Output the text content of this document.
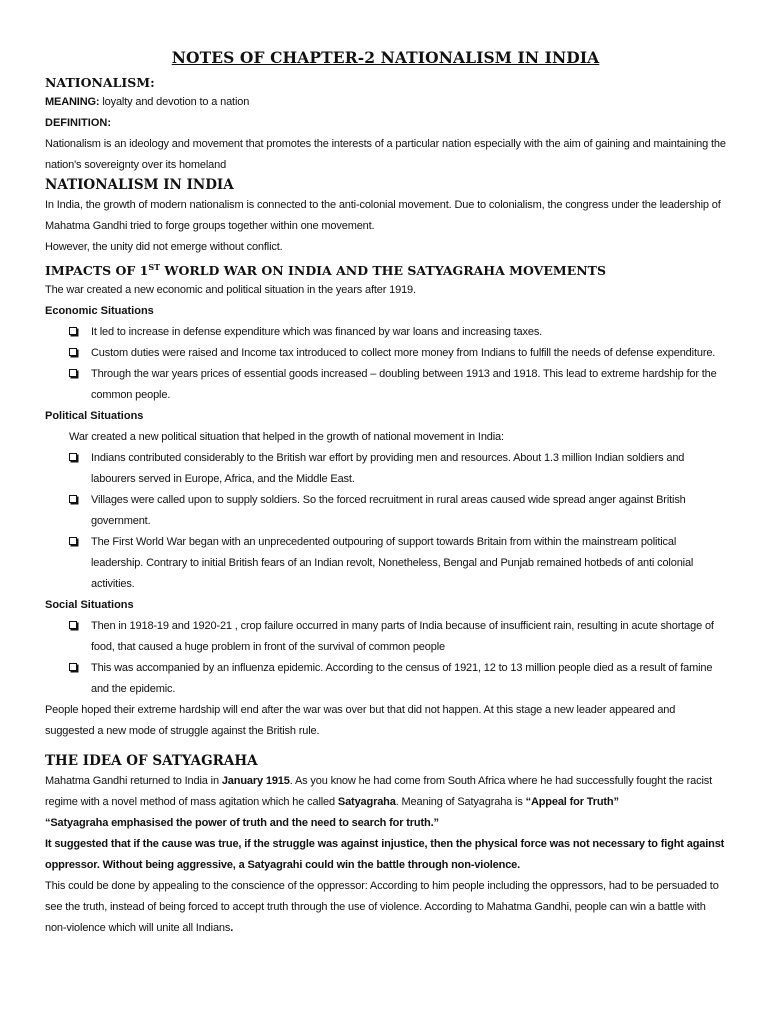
NOTES OF CHAPTER-2 NATIONALISM IN INDIA
NATIONALISM:

MEANING: loyalty and devotion to a nation

DEFINITION:

Nationalism is an ideology and movement that promotes the interests of a particular nation especially with the aim of gaining and maintaining the nation's sovereignty over its homeland

NATIONALISM IN INDIA

In India, the growth of modern nationalism is connected to the anti-colonial movement. Due to colonialism, the congress under the leadership of Mahatma Gandhi tried to forge groups together within one movement.

However, the unity did not emerge without conflict.

IMPACTS OF 1ST WORLD WAR ON INDIA AND THE SATYAGRAHA MOVEMENTS

The war created a new economic and political situation in the years after 1919.

Economic Situations
It led to increase in defense expenditure which was financed by war loans and increasing taxes.
Custom duties were raised and Income tax introduced to collect more money from Indians to fulfill the needs of defense expenditure.
Through the war years prices of essential goods increased – doubling between 1913 and 1918. This lead to extreme hardship for the common people.
Political Situations

War created a new political situation that helped in the growth of national movement in India:

Indians contributed considerably to the British war effort by providing men and resources. About 1.3 million Indian soldiers and labourers served in Europe, Africa, and the Middle East.
Villages were called upon to supply soldiers. So the forced recruitment in rural areas caused wide spread anger against British government.
The First World War began with an unprecedented outpouring of support towards Britain from within the mainstream political leadership. Contrary to initial British fears of an Indian revolt, Nonetheless, Bengal and Punjab remained hotbeds of anti colonial activities.
Social Situations
Then in 1918-19 and 1920-21 , crop failure occurred in many parts of India because of insufficient rain, resulting in acute shortage of food, that caused a huge problem in front of the survival of common people
This was accompanied by an influenza epidemic. According to the census of 1921, 12 to 13 million people died as a result of famine and the epidemic.

People hoped their extreme hardship will end after the war was over but that did not happen. At this stage a new leader appeared and suggested a new mode of struggle against the British rule.

THE IDEA OF SATYAGRAHA

Mahatma Gandhi returned to India in January 1915. As you know he had come from South Africa where he had successfully fought the racist regime with a novel method of mass agitation which he called Satyagraha. Meaning of Satyagraha is “Appeal for Truth”

“Satyagraha emphasised the power of truth and the need to search for truth.”

It suggested that if the cause was true, if the struggle was against injustice, then the physical force was not necessary to fight against oppressor. Without being aggressive, a Satyagrahi could win the battle through non-violence.

This could be done by appealing to the conscience of the oppressor: According to him people including the oppressors, had to be persuaded to see the truth, instead of being forced to accept truth through the use of violence. According to Mahatma Gandhi, people can win a battle with non-violence which will unite all Indians.
